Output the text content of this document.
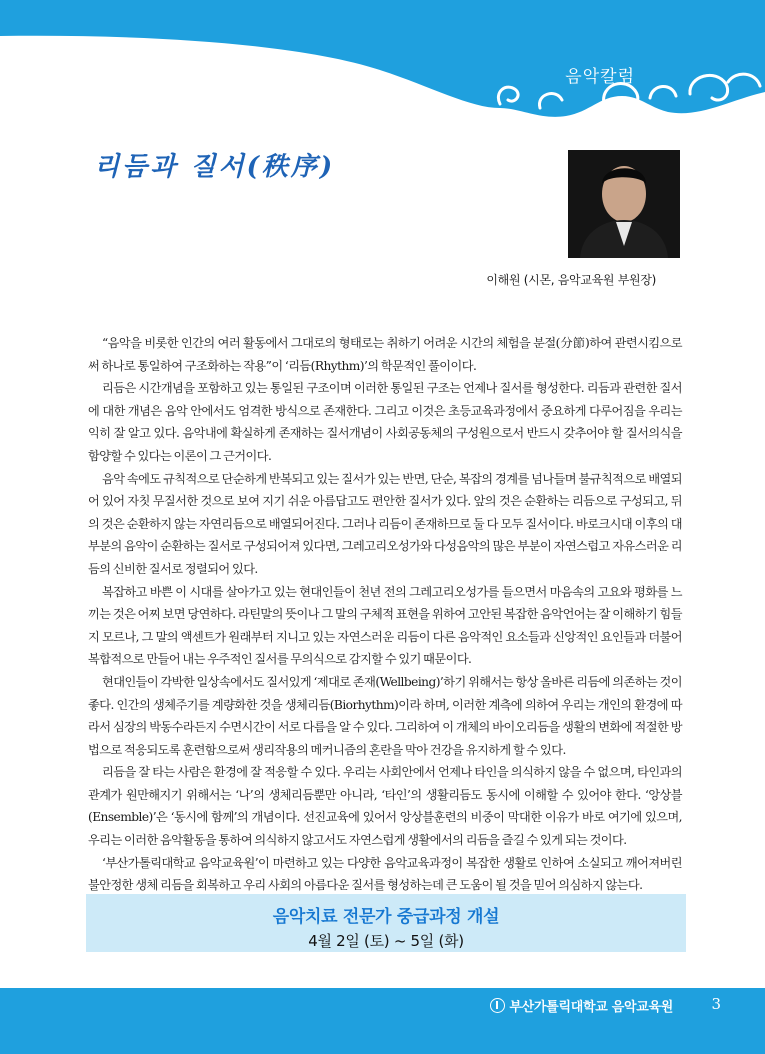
음악칼럼
리듬과 질서(秩序)
이해원 (시몬, 음악교육원 부원장)

“음악을 비롯한 인간의 여러 활동에서 그대로의 형태로는 취하기 어려운 시간의 체험을 분절(分節)하여 관련시킴으로써 하나로 통일하여 구조화하는 작용”이 ‘리듬(Rhythm)’의 학문적인 풀이이다.

리듬은 시간개념을 포함하고 있는 통일된 구조이며 이러한 통일된 구조는 언제나 질서를 형성한다. 리듬과 관련한 질서에 대한 개념은 음악 안에서도 엄격한 방식으로 존재한다. 그리고 이것은 초등교육과정에서 중요하게 다루어짐을 우리는 익히 잘 알고 있다. 음악내에 확실하게 존재하는 질서개념이 사회공동체의 구성원으로서 반드시 갖추어야 할 질서의식을 함양할 수 있다는 이론이 그 근거이다.

음악 속에도 규칙적으로 단순하게 반복되고 있는 질서가 있는 반면, 단순, 복잡의 경계를 넘나들며 불규칙적으로 배열되어 있어 자칫 무질서한 것으로 보여 지기 쉬운 아름답고도 편안한 질서가 있다. 앞의 것은 순환하는 리듬으로 구성되고, 뒤의 것은 순환하지 않는 자연리듬으로 배열되어진다. 그러나 리듬이 존재하므로 둘 다 모두 질서이다. 바로크시대 이후의 대부분의 음악이 순환하는 질서로 구성되어져 있다면, 그레고리오성가와 다성음악의 많은 부분이 자연스럽고 자유스러운 리듬의 신비한 질서로 정렬되어 있다.

복잡하고 바쁜 이 시대를 살아가고 있는 현대인들이 천년 전의 그레고리오성가를 들으면서 마음속의 고요와 평화를 느끼는 것은 어찌 보면 당연하다. 라틴말의 뜻이나 그 말의 구체적 표현을 위하여 고안된 복잡한 음악언어는 잘 이해하기 힘들지 모르나, 그 말의 액센트가 원래부터 지니고 있는 자연스러운 리듬이 다른 음악적인 요소들과 신앙적인 요인들과 더불어 복합적으로 만들어 내는 우주적인 질서를 무의식으로 감지할 수 있기 때문이다.

현대인들이 각박한 일상속에서도 질서있게 ‘제대로 존재(Wellbeing)’하기 위해서는 항상 올바른 리듬에 의존하는 것이 좋다. 인간의 생체주기를 계량화한 것을 생체리듬(Biorhythm)이라 하며, 이러한 계측에 의하여 우리는 개인의 환경에 따라서 심장의 박동수라든지 수면시간이 서로 다름을 알 수 있다. 그리하여 이 개체의 바이오리듬을 생활의 변화에 적절한 방법으로 적응되도록 훈련함으로써 생리작용의 메커니즘의 혼란을 막아 건강을 유지하게 할 수 있다.

리듬을 잘 타는 사람은 환경에 잘 적응할 수 있다. 우리는 사회안에서 언제나 타인을 의식하지 않을 수 없으며, 타인과의 관계가 원만해지기 위해서는 ‘나’의 생체리듬뿐만 아니라, ‘타인’의 생활리듬도 동시에 이해할 수 있어야 한다. ‘앙상블(Ensemble)’은 ‘동시에 함께’의 개념이다. 선진교육에 있어서 앙상블훈련의 비중이 막대한 이유가 바로 여기에 있으며, 우리는 이러한 음악활동을 통하여 의식하지 않고서도 자연스럽게 생활에서의 리듬을 즐길 수 있게 되는 것이다.

‘부산가톨릭대학교 음악교육원’이 마련하고 있는 다양한 음악교육과정이 복잡한 생활로 인하여 소실되고 깨어져버린 불안정한 생체 리듬을 회복하고 우리 사회의 아름다운 질서를 형성하는데 큰 도움이 될 것을 믿어 의심하지 않는다.

음악치료 전문가 중급과정 개설
4월 2일 (토) ~ 5일 (화)
부산가톨릭대학교 음악교육원	3
